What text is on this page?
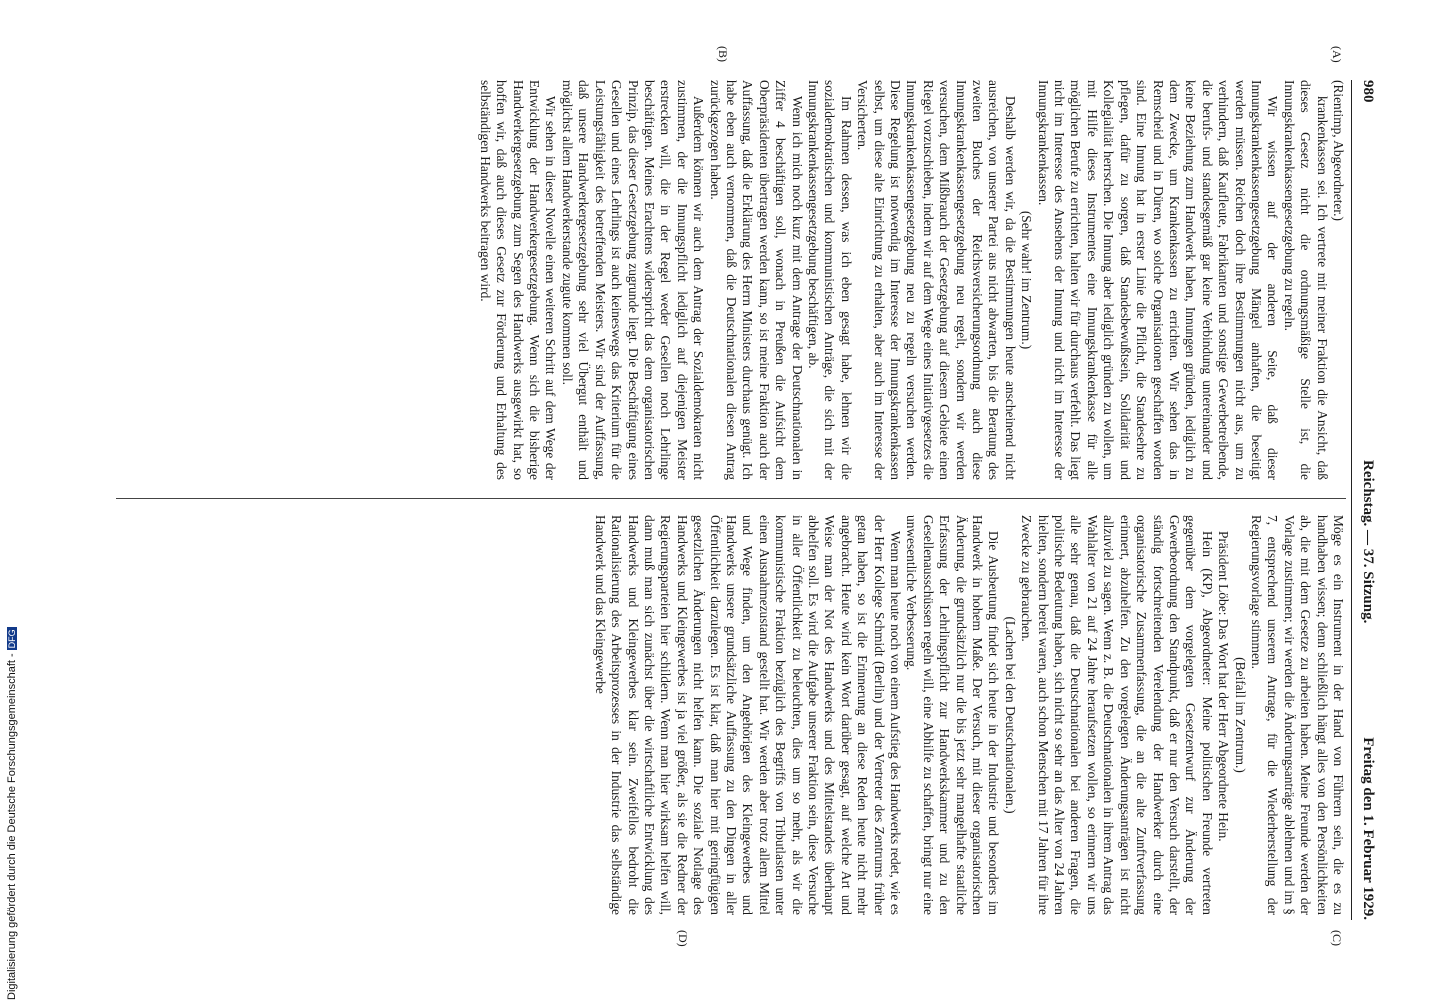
980
Reichstag. — 37. Sitzung.
Freitag den 1. Februar 1929.
(A)
(B)
(C)
(D)

(Rientimp, Abgeordneter.)

krankenkassen sei. Ich vertrete mit meiner Fraktion die Ansicht, daß dieses Gesetz nicht die ordnungsmäßige Stelle ist, die Innungskrankenkassengesetzgebung zu regeln.

Wir wissen auf der anderen Seite, daß dieser Innungskrankenkassengesetzgebung Mängel anhaften, die beseitigt werden müssen. Reichen doch ihre Bestimmungen nicht aus, um zu verhindern, daß Kaufleute, Fabrikanten und sonstige Gewerbetreibende, die berufs- und standesgemäß gar keine Verbindung untereinander und keine Beziehung zum Handwerk haben, Innungen gründen, lediglich zu dem Zwecke, um Krankenkassen zu errichten. Wir sehen das in Remscheid und in Düren, wo solche Organisationen geschaffen worden sind. Eine Innung hat in erster Linie die Pflicht, die Standesehre zu pflegen, dafür zu sorgen, daß Standesbewußtsein, Solidarität und Kollegialität herrschen. Die Innung aber lediglich gründen zu wollen, um mit Hilfe dieses Instrumentes eine Innungskrankenkasse für alle möglichen Berufe zu errichten, halten wir für durchaus verfehlt. Das liegt nicht im Interesse des Ansehens der Innung und nicht im Interesse der Innungskrankenkassen.

(Sehr wahr! im Zentrum.)

Deshalb werden wir, da die Bestimmungen heute anscheinend nicht ausreichen, von unserer Partei aus nicht abwarten, bis die Beratung des zweiten Buches der Reichsversicherungsordnung auch diese Innungskrankenkassengesetzgebung neu regelt, sondern wir werden versuchen, dem Mißbrauch der Gesetzgebung auf diesem Gebiete einen Riegel vorzuschieben, indem wir auf dem Wege eines Initiativgesetzes die Innungskrankenkassengesetzgebung neu zu regeln versuchen werden. Diese Regelung ist notwendig im Interesse der Innungskrankenkassen selbst, um diese alte Einrichtung zu erhalten, aber auch im Interesse der Versicherten.

Im Rahmen dessen, was ich eben gesagt habe, lehnen wir die sozialdemokratischen und kommunistischen Anträge, die sich mit der Innungskrankenkassengesetzgebung beschäftigen, ab.

Wenn ich mich noch kurz mit dem Antrage der Deutschnationalen in Ziffer 4 beschäftigen soll, wonach in Preußen die Aufsicht dem Oberpräsidenten übertragen werden kann, so ist meine Fraktion auch der Auffassung, daß die Erklärung des Herrn Ministers durchaus genügt. Ich habe eben auch vernommen, daß die Deutschnationalen diesen Antrag zurückgezogen haben.

Außerdem können wir auch dem Antrag der Sozialdemokraten nicht zustimmen, der die Innungspflicht lediglich auf diejenigen Meister erstrecken will, die in der Regel weder Gesellen noch Lehrlinge beschäftigen. Meines Erachtens widerspricht das dem organisatorischen Prinzip, das dieser Gesetzgebung zugrunde liegt. Die Beschäftigung eines Gesellen und eines Lehrlings ist auch keineswegs das Kriterium für die Leistungsfähigkeit des betreffenden Meisters. Wir sind der Auffassung, daß unsere Handwerkergesetzgebung sehr viel Übergut enthält und möglichst allem Handwerkerstande zugute kommen soll.

Wir sehen in dieser Novelle einen weiteren Schritt auf dem Wege der Entwicklung der Handwerkergesetzgebung. Wenn sich die bisherige Handwerkergesetzgebung zum Segen des Handwerks ausgewirkt hat, so hoffen wir, daß auch dieses Gesetz zur Förderung und Erhaltung des selbständigen Handwerks beitragen wird.

Möge es ein Instrument in der Hand von Führern sein, die es zu handhaben wissen; denn schließlich hängt alles von den Persönlichkeiten ab, die mit dem Gesetze zu arbeiten haben. Meine Freunde werden der Vorlage zustimmen; wir werden die Änderungsanträge ablehnen und im § 7, entsprechend unserem Antrage, für die Wiederherstellung der Regierungsvorlage stimmen.

(Beifall im Zentrum.)

Präsident Löbe: Das Wort hat der Herr Abgeordnete Hein.

Hein (KP), Abgeordneter: Meine politischen Freunde vertreten gegenüber dem vorgelegten Gesetzentwurf zur Änderung der Gewerbeordnung den Standpunkt, daß er nur den Versuch darstellt, der ständig fortschreitenden Verelendung der Handwerker durch eine organisatorische Zusammenfassung, die an die alte Zunftverfassung erinnert, abzuhelfen. Zu den vorgelegten Änderungsanträgen ist nicht allzuviel zu sagen. Wenn z. B. die Deutschnationalen in ihrem Antrag das Wahlalter von 21 auf 24 Jahre heraufsetzen wollen, so erinnern wir uns alle sehr genau, daß die Deutschnationalen bei anderen Fragen, die politische Bedeutung haben, sich nicht so sehr an das Alter von 24 Jahren hielten, sondern bereit waren, auch schon Menschen mit 17 Jahren für ihre Zwecke zu gebrauchen.

(Lachen bei den Deutschnationalen.)

Die Ausbeutung findet sich heute in der Industrie und besonders im Handwerk in hohem Maße. Der Versuch, mit dieser organisatorischen Änderung, die grundsätzlich nur die bis jetzt sehr mangelhafte staatliche Erfassung der Lehrlingspflicht zur Handwerkskammer und zu den Gesellenausschüssen regeln will, eine Abhilfe zu schaffen, bringt nur eine unwesentliche Verbesserung.

Wenn man heute noch von einem Aufstieg des Handwerks redet, wie es der Herr Kollege Schmidt (Berlin) und der Vertreter des Zentrums früher getan haben, so ist die Erinnerung an diese Reden heute nicht mehr angebracht. Heute wird kein Wort darüber gesagt, auf welche Art und Weise man der Not des Handwerks und des Mittelstandes überhaupt abhelfen soll. Es wird die Aufgabe unserer Fraktion sein, diese Versuche in aller Öffentlichkeit zu beleuchten, dies um so mehr, als wir die kommunistische Fraktion bezüglich des Begriffs von Tributlasten unter einen Ausnahmezustand gestellt hat. Wir werden aber trotz allem Mittel und Wege finden, um den Angehörigen des Kleingewerbes und Handwerks unsere grundsätzliche Auffassung zu den Dingen in aller Öffentlichkeit darzulegen. Es ist klar, daß man hier mit geringfügigen gesetzlichen Änderungen nicht helfen kann. Die soziale Notlage des Handwerks und Kleingewerbes ist ja viel größer, als sie die Redner der Regierungsparteien hier schildern. Wenn man hier wirksam helfen will, dann muß man sich zunächst über die wirtschaftliche Entwicklung des Handwerks und Kleingewerbes klar sein. Zweifellos bedroht die Rationalisierung des Arbeitsprozesses in der Industrie das selbständige Handwerk und das Kleingewerbe

Digitalisierung gefördert durch die Deutsche Forschungsgemeinschaft -DFG
